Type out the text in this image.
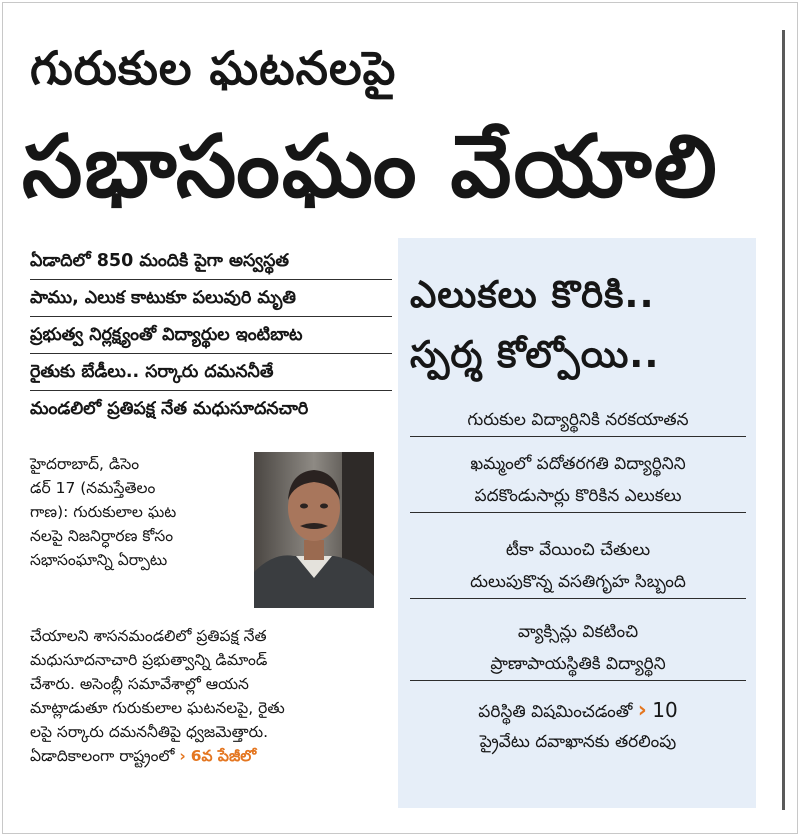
గురుకుల ఘటనలపై
సభాసంఘం వేయాలి
ఏడాదిలో 850 మందికి పైగా అస్వస్థత
పాము, ఎలుక కాటుకూ పలువురి మృతి
ప్రభుత్వ నిర్లక్ష్యంతో విద్యార్థుల ఇంటిబాట
రైతుకు బేడీలు.. సర్కారు దమననీతే
మండలిలో ప్రతిపక్ష నేత మధుసూదనచారి
హైదరాబాద్, డిసెం
డర్ 17 (నమస్తేతెలం
గాణ): గురుకులాల ఘట
నలపై నిజనిర్ధారణ కోసం
సభాసంఘాన్ని ఏర్పాటు
చేయాలని శాసనమండలిలో ప్రతిపక్ష నేత
మధుసూదనాచారి ప్రభుత్వాన్ని డిమాండ్
చేశారు. అసెంబ్లీ సమావేశాల్లో ఆయన
మాట్లాడుతూ గురుకులాల ఘటనలపై, రైతు
లపై సర్కారు దమననీతిపై ధ్వజమెత్తారు.
ఏడాదికాలంగా రాష్ట్రంలో › 6వ పేజీలో
ఎలుకలు కొరికి..
స్పర్శ కోల్పోయి..
గురుకుల విద్యార్థినికి నరకయాతన
ఖమ్మంలో పదోతరగతి విద్యార్థినిని
పదకొండుసార్లు కొరికిన ఎలుకలు
టీకా వేయించి చేతులు
దులుపుకొన్న వసతిగృహ సిబ్బంది
వ్యాక్సిన్లు వికటించి
ప్రాణాపాయస్థితికి విద్యార్థిని
పరిస్థితి విషమించడంతో › 10
ప్రైవేటు దవాఖానకు తరలింపు
